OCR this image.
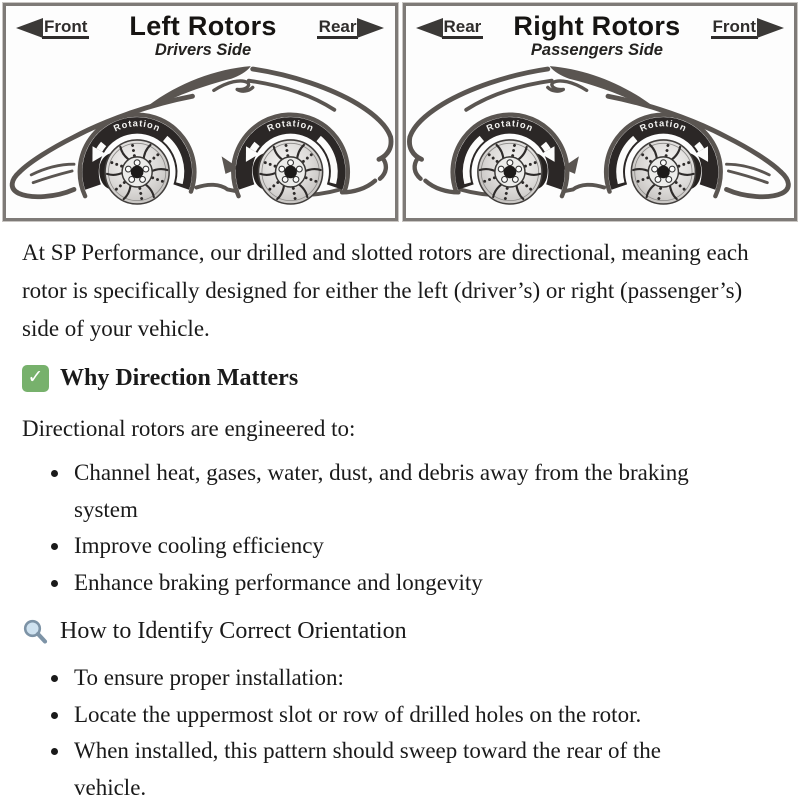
Front Left Rotors
Drivers Side
Rear
Rotation	Rotation
Rear Right Rotors
Passengers Side
Front
Rotation	Rotation

At SP Performance, our drilled and slotted rotors are directional, meaning each rotor is specifically designed for either the left (driver’s) or right (passenger’s) side of your vehicle.

✓ Why Direction Matters

Directional rotors are engineered to:

• Channel heat, gases, water, dust, and debris away from the braking system
• Improve cooling efficiency
• Enhance braking performance and longevity
How to Identify Correct Orientation
• To ensure proper installation:
• Locate the uppermost slot or row of drilled holes on the rotor.
• When installed, this pattern should sweep toward the rear of the vehicle.
